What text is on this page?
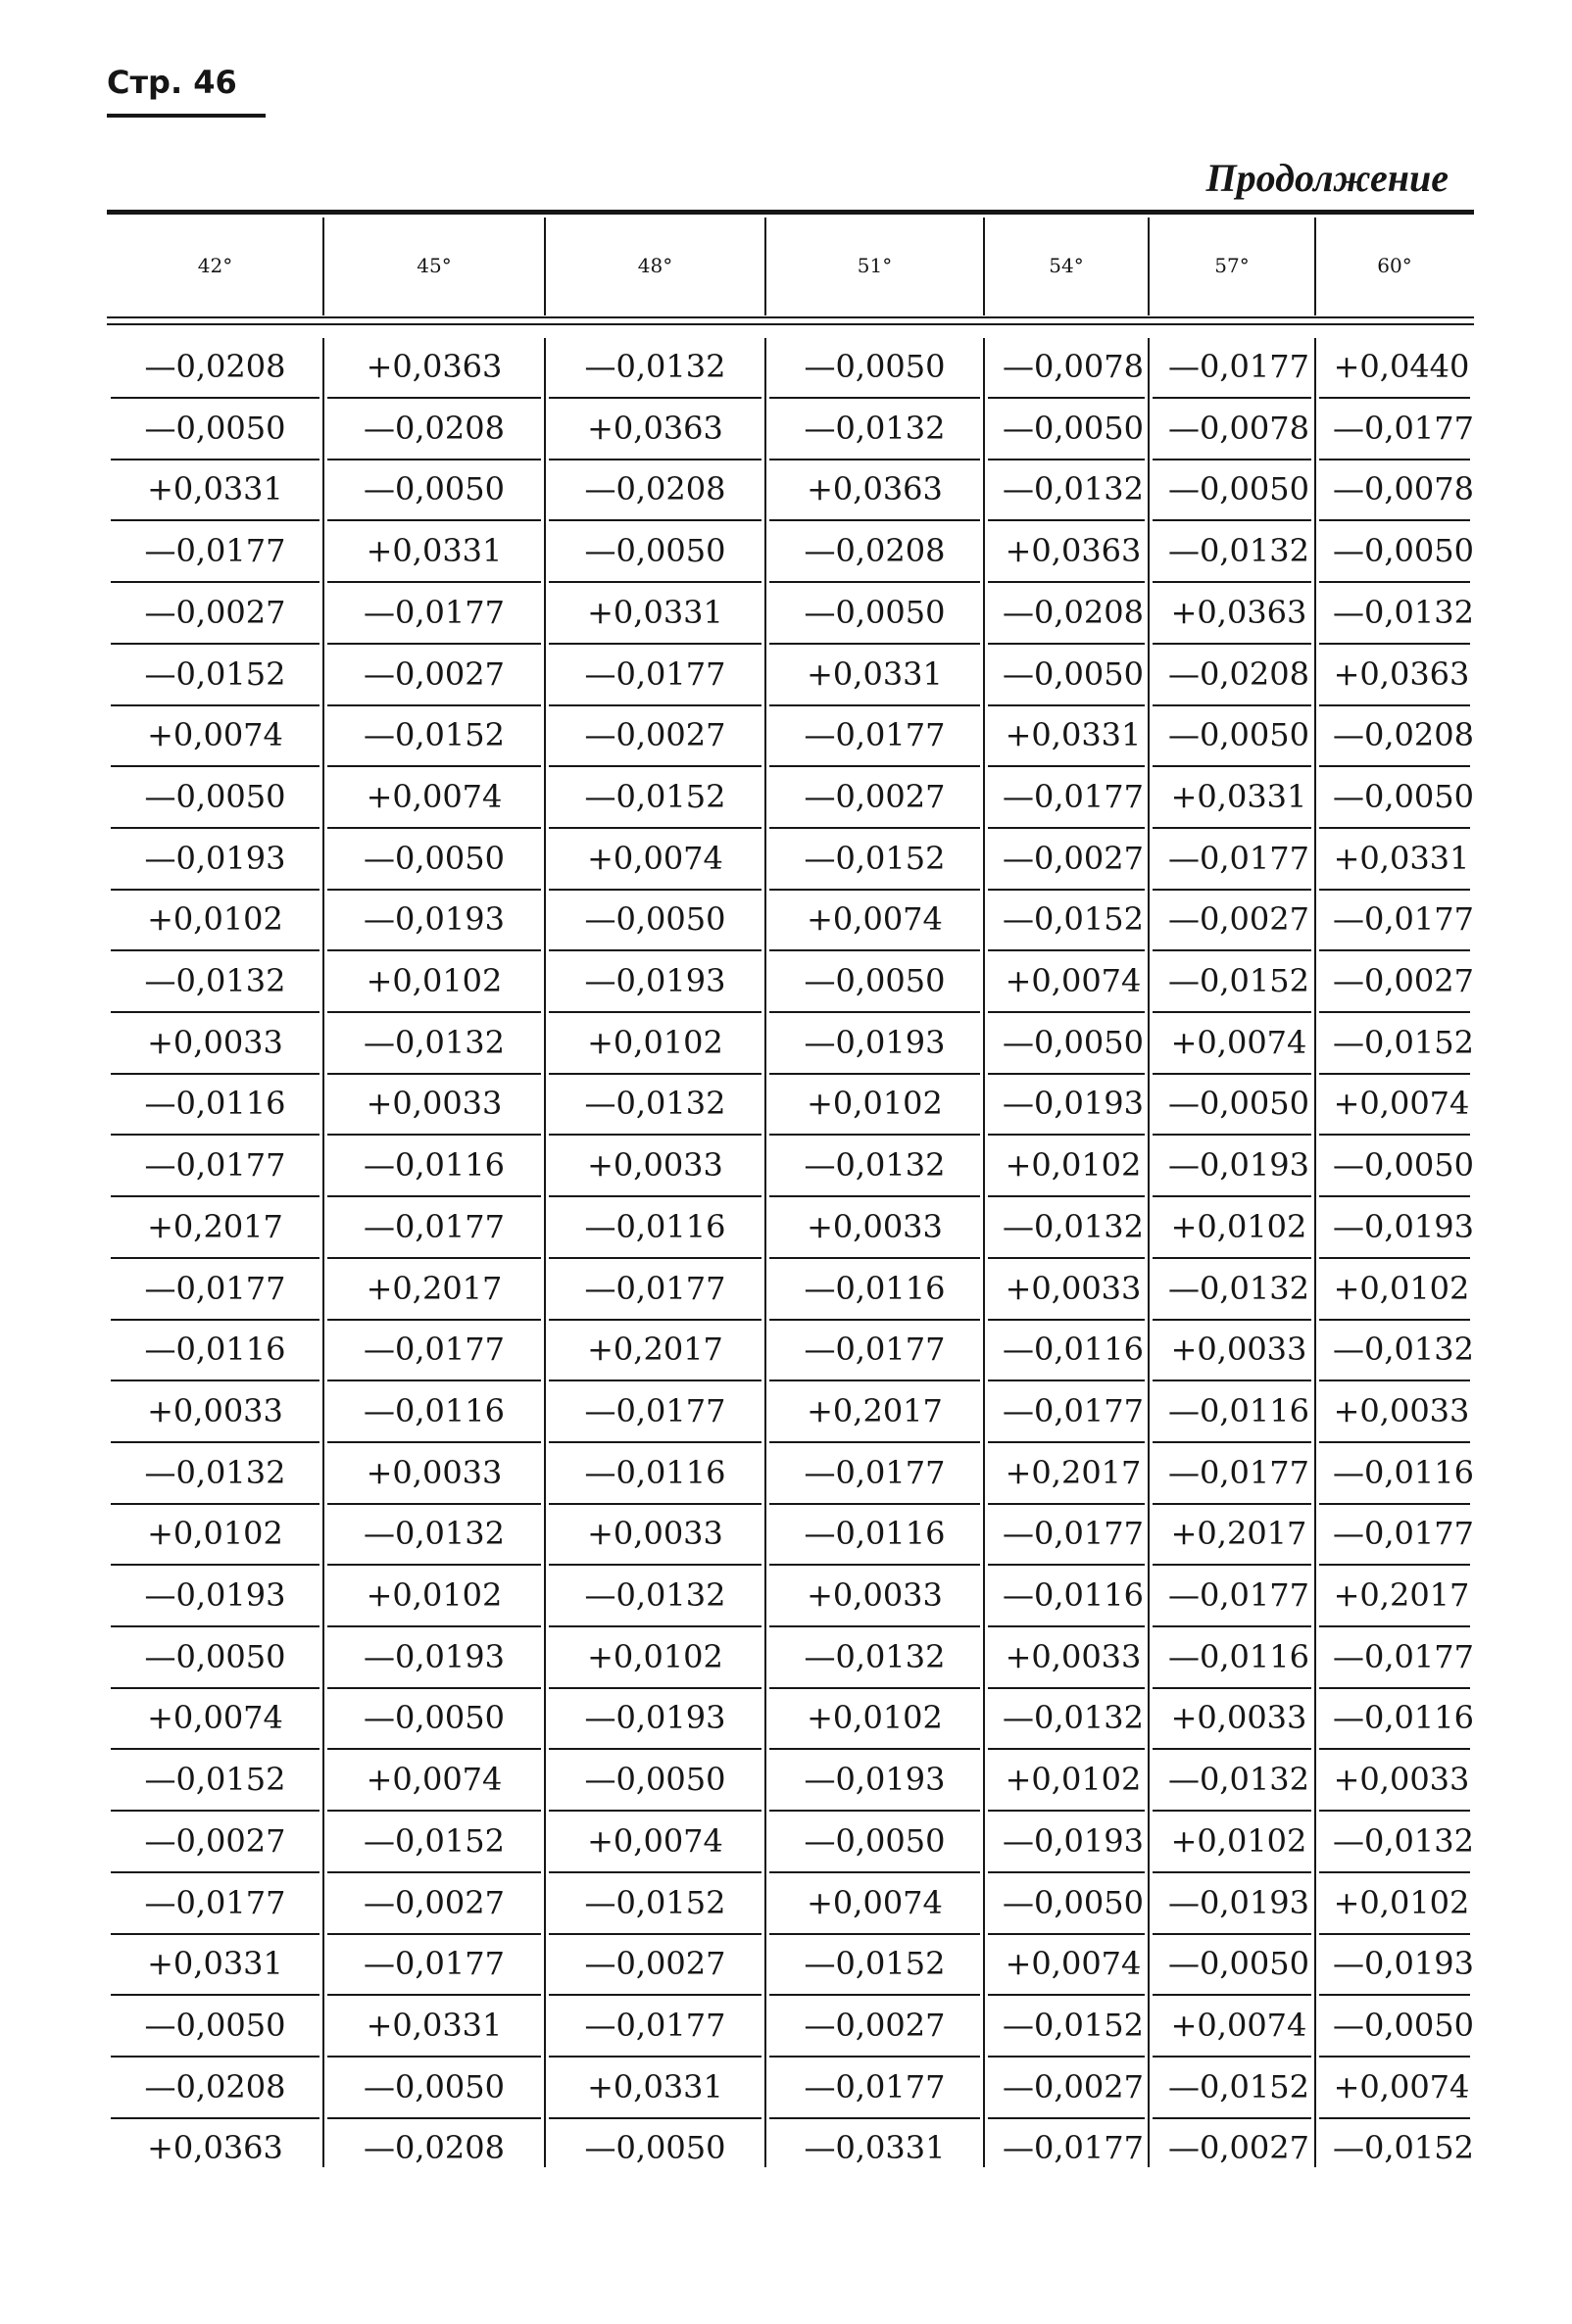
Стр. 46
Продолжение
42°	45°	48°	51°	54°	57°	60°
—0,0208	+0,0363	—0,0132	—0,0050	—0,0078 —0,0177 +0,0440
—0,0050	—0,0208	+0,0363	—0,0132	—0,0050 —0,0078 —0,0177
+0,0331	—0,0050	—0,0208	+0,0363	—0,0132 —0,0050 —0,0078
—0,0177	+0,0331	—0,0050	—0,0208	+0,0363 —0,0132 —0,0050
—0,0027	—0,0177	+0,0331	—0,0050	—0,0208 +0,0363 —0,0132
—0,0152	—0,0027	—0,0177	+0,0331	—0,0050 —0,0208 +0,0363
+0,0074	—0,0152	—0,0027	—0,0177	+0,0331 —0,0050 —0,0208
—0,0050	+0,0074	—0,0152	—0,0027	—0,0177 +0,0331 —0,0050
—0,0193	—0,0050	+0,0074	—0,0152	—0,0027 —0,0177 +0,0331
+0,0102	—0,0193	—0,0050	+0,0074	—0,0152 —0,0027 —0,0177
—0,0132	+0,0102	—0,0193	—0,0050	+0,0074 —0,0152 —0,0027
+0,0033	—0,0132	+0,0102	—0,0193	—0,0050 +0,0074 —0,0152
—0,0116	+0,0033	—0,0132	+0,0102	—0,0193 —0,0050 +0,0074
—0,0177	—0,0116	+0,0033	—0,0132	+0,0102 —0,0193 —0,0050
+0,2017	—0,0177	—0,0116	+0,0033	—0,0132 +0,0102 —0,0193
—0,0177	+0,2017	—0,0177	—0,0116	+0,0033 —0,0132 +0,0102
—0,0116	—0,0177	+0,2017	—0,0177	—0,0116 +0,0033 —0,0132
+0,0033	—0,0116	—0,0177	+0,2017	—0,0177 —0,0116 +0,0033
—0,0132	+0,0033	—0,0116	—0,0177	+0,2017 —0,0177 —0,0116
+0,0102	—0,0132	+0,0033	—0,0116	—0,0177 +0,2017 —0,0177
—0,0193	+0,0102	—0,0132	+0,0033	—0,0116 —0,0177 +0,2017
—0,0050	—0,0193	+0,0102	—0,0132	+0,0033 —0,0116 —0,0177
+0,0074	—0,0050	—0,0193	+0,0102	—0,0132 +0,0033 —0,0116
—0,0152	+0,0074	—0,0050	—0,0193	+0,0102 —0,0132 +0,0033
—0,0027	—0,0152	+0,0074	—0,0050	—0,0193 +0,0102 —0,0132
—0,0177	—0,0027	—0,0152	+0,0074	—0,0050 —0,0193 +0,0102
+0,0331	—0,0177	—0,0027	—0,0152	+0,0074 —0,0050 —0,0193
—0,0050	+0,0331	—0,0177	—0,0027	—0,0152 +0,0074 —0,0050
—0,0208	—0,0050	+0,0331	—0,0177	—0,0027 —0,0152 +0,0074
+0,0363	—0,0208	—0,0050	—0,0331	—0,0177 —0,0027 —0,0152
